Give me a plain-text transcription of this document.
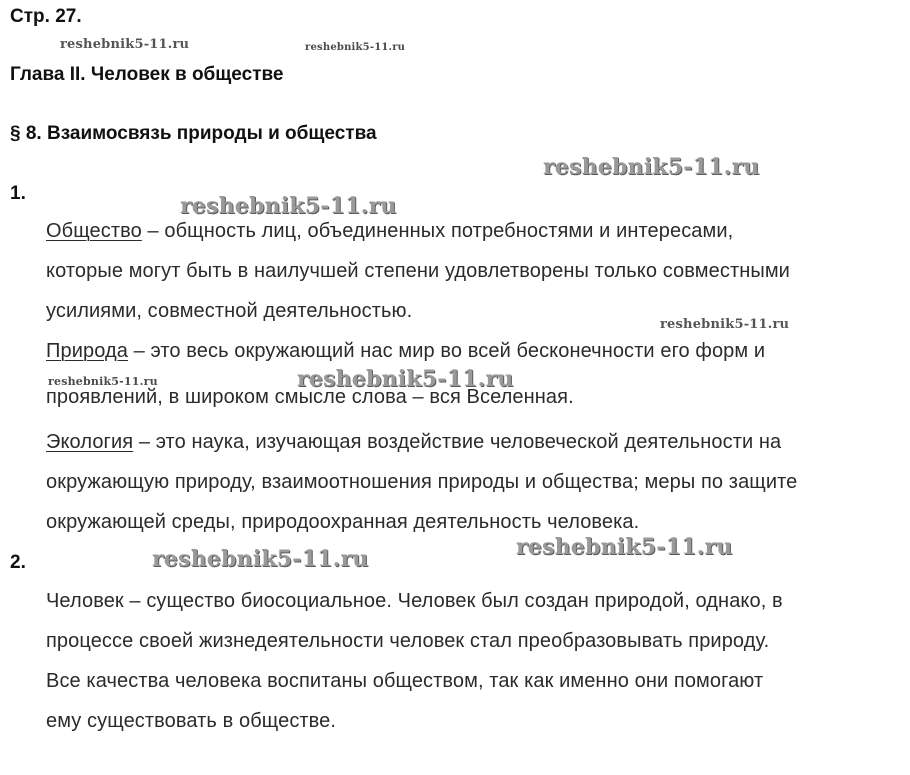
Стр. 27.
Глава II. Человек в обществе
§ 8. Взаимосвязь природы и общества
1.
Общество – общность лиц, объединенных потребностями и интересами,
которые могут быть в наилучшей степени удовлетворены только совместными
усилиями, совместной деятельностью.
Природа – это весь окружающий нас мир во всей бесконечности его форм и
проявлений, в широком смысле слова – вся Вселенная.
Экология – это наука, изучающая воздействие человеческой деятельности на
окружающую природу, взаимоотношения природы и общества; меры по защите
окружающей среды, природоохранная деятельность человека.
2.
Человек – существо биосоциальное. Человек был создан природой, однако, в
процессе своей жизнедеятельности человек стал преобразовывать природу.
Все качества человека воспитаны обществом, так как именно они помогают
ему существовать в обществе.
reshebnik5-11.ru	reshebnik5-11.ru
reshebnik5-11.ru
reshebnik5-11.ru
reshebnik5-11.ru
reshebnik5-11.ru	reshebnik5-11.ru
reshebnik5-11.ru
reshebnik5-11.ru
